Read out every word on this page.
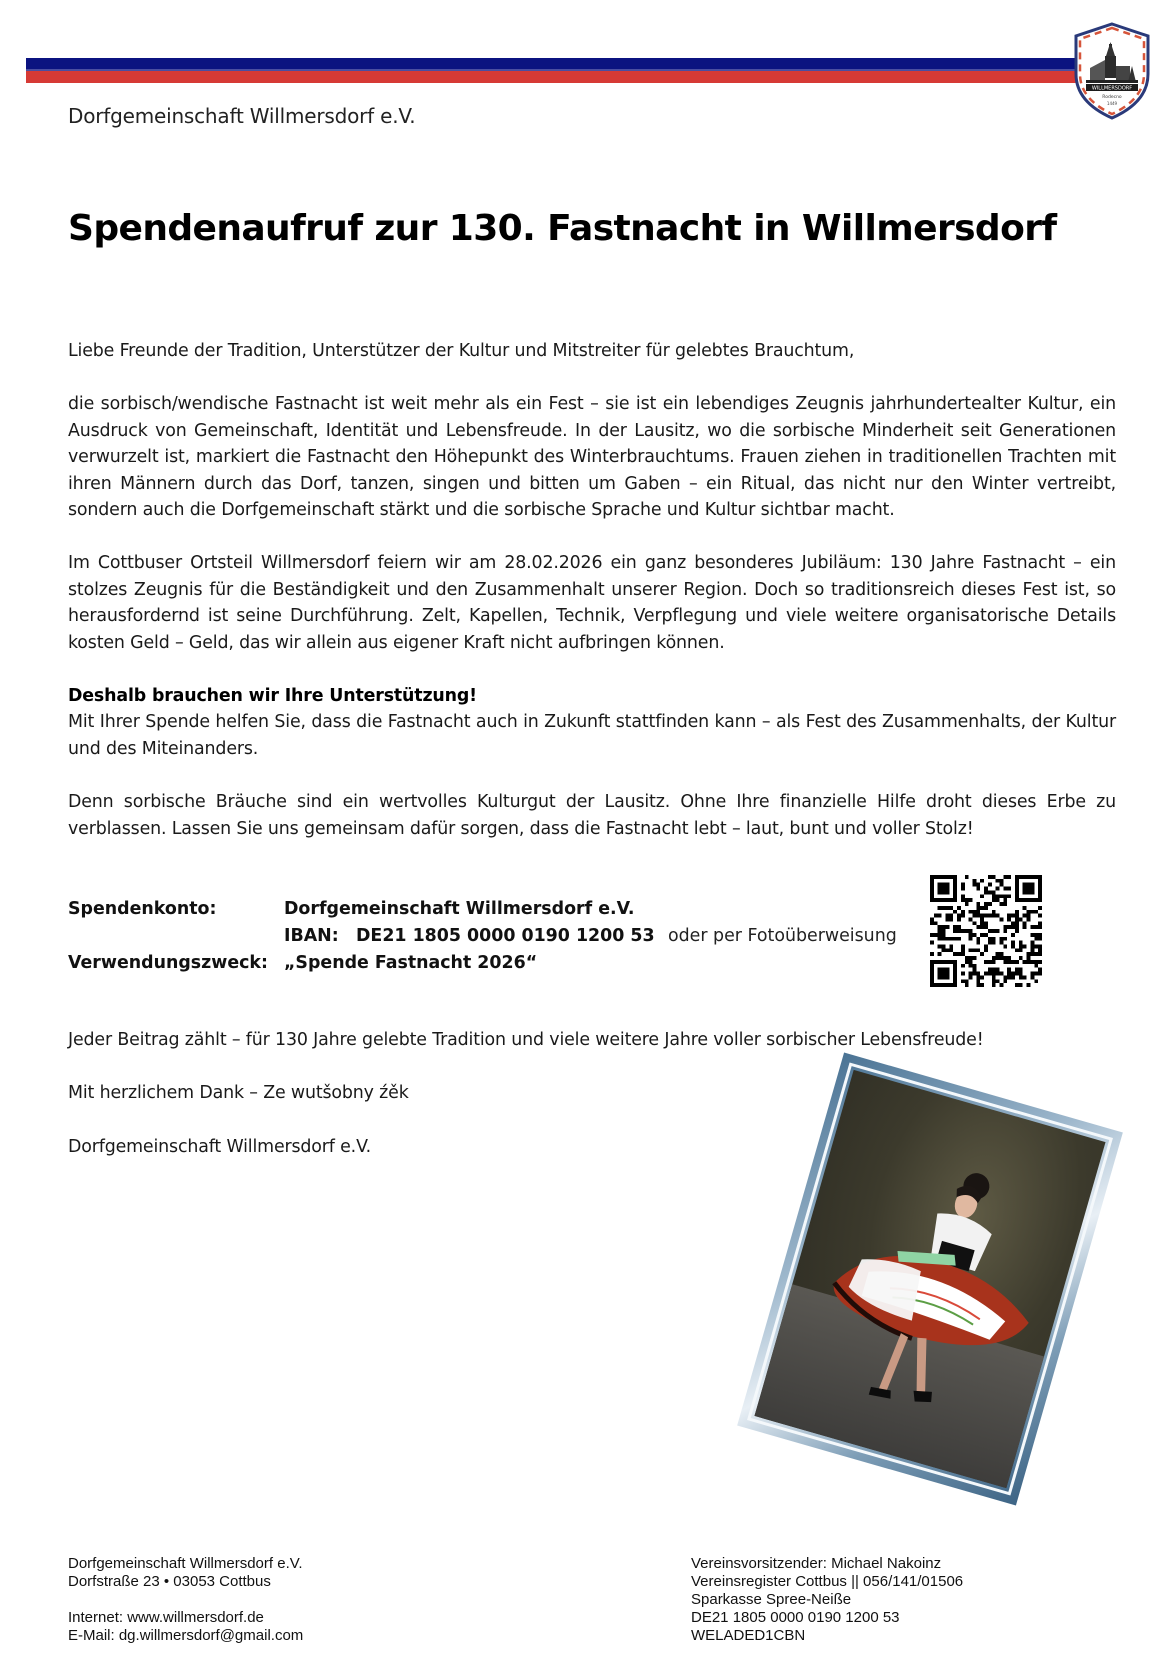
WILLMERSDORF
Rodecno
1449
Dorfgemeinschaft Willmersdorf e.V.
Spendenaufruf zur 130. Fastnacht in Willmersdorf

Liebe Freunde der Tradition, Unterstützer der Kultur und Mitstreiter für gelebtes Brauchtum,

die sorbisch/wendische Fastnacht ist weit mehr als ein Fest – sie ist ein lebendiges Zeugnis jahrhundertealter Kultur, ein Ausdruck von Gemeinschaft, Identität und Lebensfreude. In der Lausitz, wo die sorbische Minderheit seit Generationen verwurzelt ist, markiert die Fastnacht den Höhepunkt des Winterbrauchtums. Frauen ziehen in traditionellen Trachten mit ihren Männern durch das Dorf, tanzen, singen und bitten um Gaben – ein Ritual, das nicht nur den Winter vertreibt, sondern auch die Dorfgemeinschaft stärkt und die sorbische Sprache und Kultur sichtbar macht.

Im Cottbuser Ortsteil Willmersdorf feiern wir am 28.02.2026 ein ganz besonderes Jubiläum: 130 Jahre Fastnacht – ein stolzes Zeugnis für die Beständigkeit und den Zusammenhalt unserer Region. Doch so traditionsreich dieses Fest ist, so herausfordernd ist seine Durchführung. Zelt, Kapellen, Technik, Verpflegung und viele weitere organisatorische Details kosten Geld – Geld, das wir allein aus eigener Kraft nicht aufbringen können.

Deshalb brauchen wir Ihre Unterstützung!

Mit Ihrer Spende helfen Sie, dass die Fastnacht auch in Zukunft stattfinden kann – als Fest des Zusammenhalts, der Kultur und des Miteinanders.

Denn sorbische Bräuche sind ein wertvolles Kulturgut der Lausitz. Ohne Ihre finanzielle Hilfe droht dieses Erbe zu verblassen. Lassen Sie uns gemeinsam dafür sorgen, dass die Fastnacht lebt – laut, bunt und voller Stolz!

Spendenkonto:	Dorfgemeinschaft Willmersdorf e.V.
IBAN: DE21 1805 0000 0190 1200 53 oder per Fotoüberweisung
Verwendungszweck: „Spende Fastnacht 2026“

Jeder Beitrag zählt – für 130 Jahre gelebte Tradition und viele weitere Jahre voller sorbischer Lebensfreude!

Mit herzlichem Dank – Ze wutšobny źěk

Dorfgemeinschaft Willmersdorf e.V.

Dorfgemeinschaft Willmersdorf e.V.
Dorfstraße 23 • 03053 Cottbus
Internet: www.willmersdorf.de
E-Mail: dg.willmersdorf@gmail.com
Vereinsvorsitzender: Michael Nakoinz
Vereinsregister Cottbus || 056/141/01506
Sparkasse Spree-Neiße
DE21 1805 0000 0190 1200 53
WELADED1CBN
